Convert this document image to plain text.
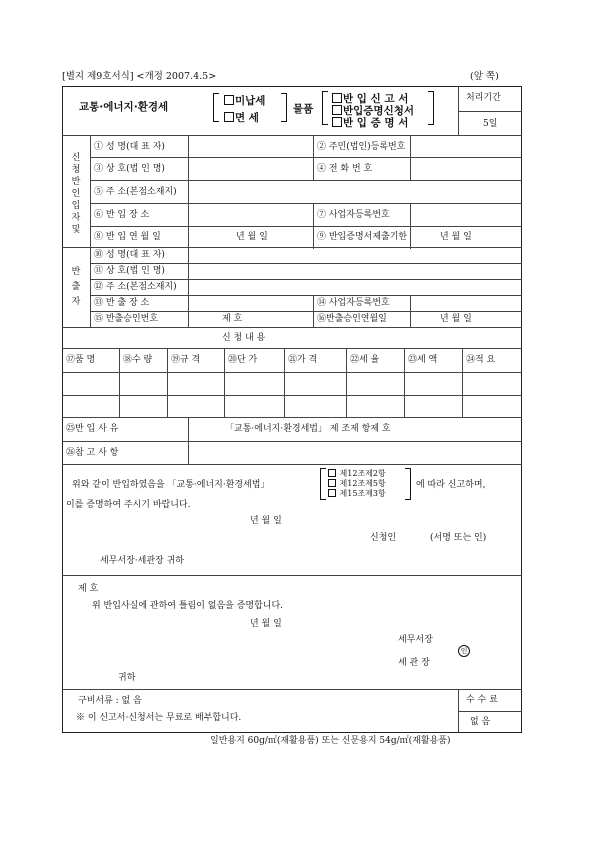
[별지 제9호서식] <개정 2007.4.5>	(앞 쪽)
교통·에너지·환경세	미납세
면 세
물품
반 입 신 고 서
반입증명신청서
반 입 증 명 서
처리기간
5일
신
청
반
인
입
자
및
① 성 명(대 표 자)	② 주민(법인)등록번호
③ 상 호(법 인 명)	④ 전 화 번 호
⑤ 주 소(본점소재지)
⑥ 반 입 장 소	⑦ 사업자등록번호
⑧ 반 입 연 월 일	년 월 일	⑨ 반입증명서제출기한	년 월 일
반
출
자
⑩ 성 명(대 표 자)
⑪ 상 호(법 인 명)
⑫ 주 소(본점소재지)
⑬ 반 출 장 소	⑭ 사업자등록번호
⑮ 반출승인번호	제 호	⑯반출승인연월일	년 월 일
신 청 내 용
⑰품 명	⑱수 량 ⑲규 격	⑳단 가	㉑가 격	㉒세 율	㉓세 액	㉔적 요
㉕반 입 사 유	「교통·에너지·환경세법」 제 조제 항제 호
㉖참 고 사 항
위와 같이 반입하였음을 「교통·에너지·환경세법」
제12조제2항
제12조제5항
제15조제3항
에 따라 신고하며,
이를 증명하여 주시기 바랍니다.
년 월 일
신청인	(서명 또는 인)
세무서장·세관장 귀하
제 호
위 반입사실에 관하여 틀림이 없음을 증명합니다.
년 월 일
세무서장
인
세 관 장
귀하
구비서류 : 없 음
※ 이 신고서·신청서는 무료로 배부합니다.
수 수 료
없 음
일반용지 60g/㎡(재활용품) 또는 신문용지 54g/㎡(재활용품)
